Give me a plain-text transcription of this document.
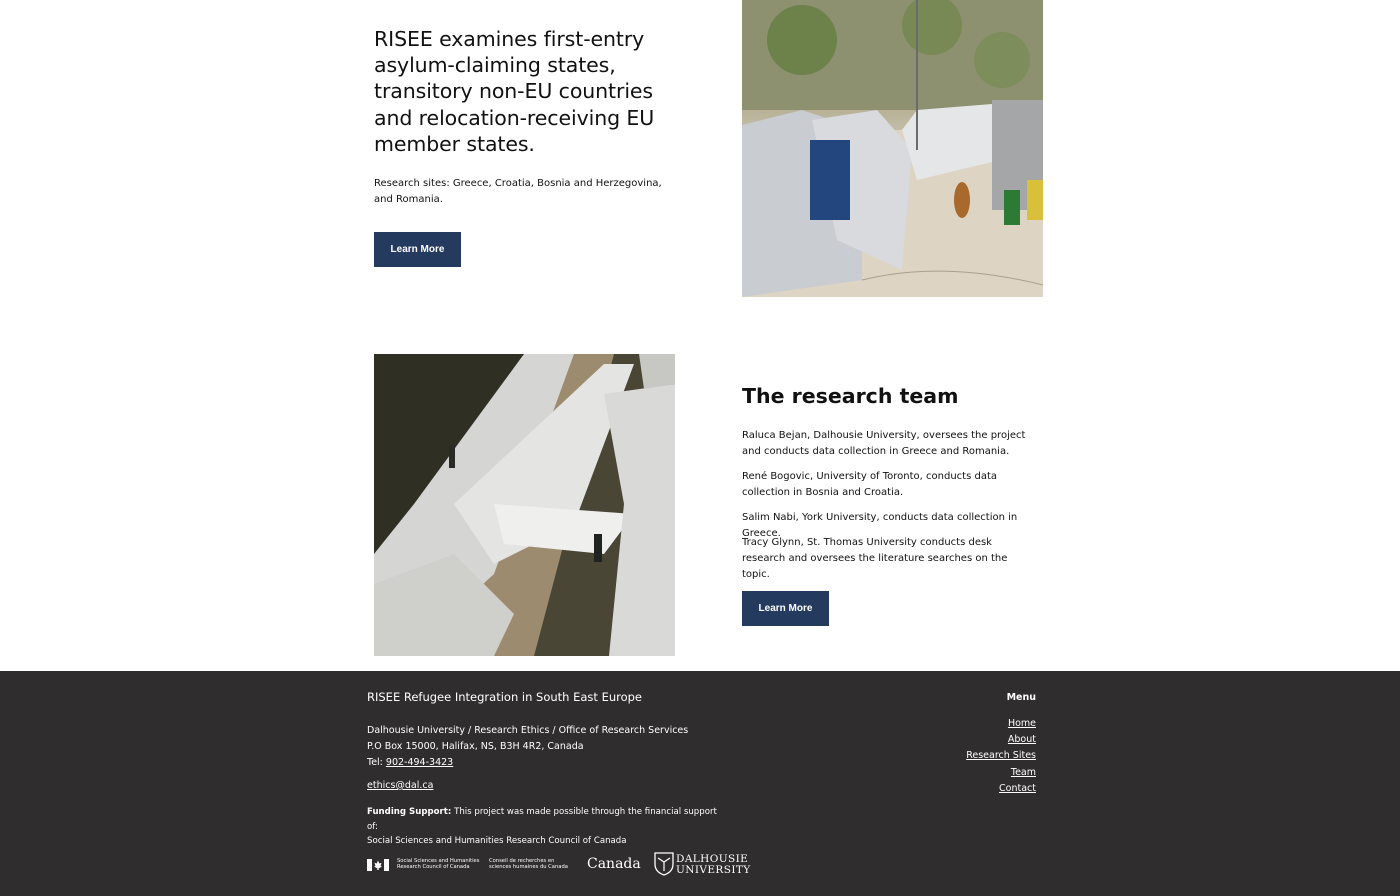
RISEE examines first-entry asylum-claiming states, transitory non-EU countries and relocation-receiving EU member states.

Research sites: Greece, Croatia, Bosnia and Herzegovina, and Romania.

Learn More
The research team

Raluca Bejan, Dalhousie University, oversees the project and conducts data collection in Greece and Romania.

René Bogovic, University of Toronto, conducts data collection in Bosnia and Croatia.

Salim Nabi, York University, conducts data collection in Greece.

Tracy Glynn, St. Thomas University conducts desk research and oversees the literature searches on the topic.

Learn More
RISEE Refugee Integration in South East Europe
Dalhousie University / Research Ethics / Office of Research Services
P.O Box 15000, Halifax, NS, B3H 4R2, Canada
Tel: 902-494-3423
ethics@dal.ca
Funding Support: This project was made possible through the financial support of:
Social Sciences and Humanities Research Council of Canada
Menu
Home
About
Research Sites
Team
Contact
Social Sciences and Humanities Research Council of Canada
Conseil de recherches en sciences humaines du Canada	Canada	DALHOUSIE
UNIVERSITY
